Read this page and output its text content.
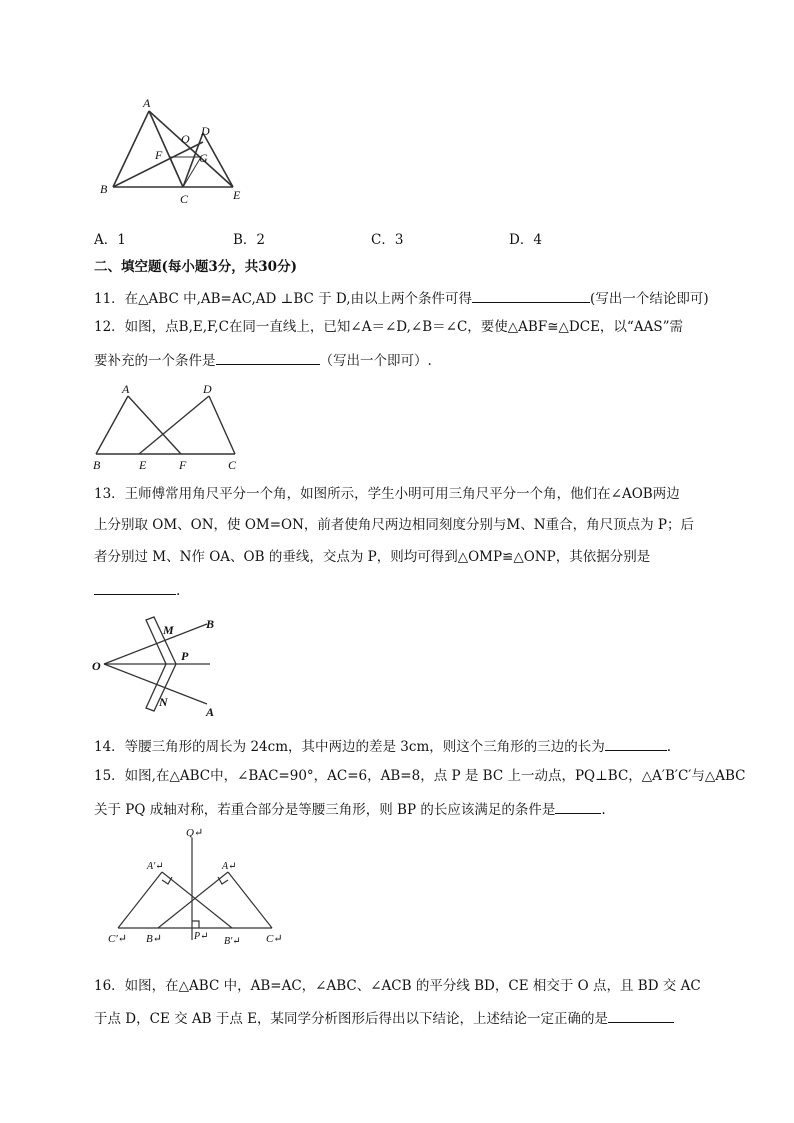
A
B
C
D
E
F	G
O
A．1	B．2	C．3	D．4
二、填空题(每小题3分，共30分)
11．在△ABC 中,AB=AC,AD ⊥BC 于 D,由以上两个条件可得	(写出一个结论即可)
12．如图，点B,E,F,C在同一直线上，已知∠A＝∠D,∠B＝∠C，要使△ABF≅△DCE，以“AAS”需
要补充的一个条件是	（写出一个即可）.
A	D
B	E	F	C
13．王师傅常用角尺平分一个角，如图所示，学生小明可用三角尺平分一个角，他们在∠AOB两边
上分别取 OM、ON，使 OM=ON，前者使角尺两边相同刻度分别与M、N重合，角尺顶点为 P；后
者分别过 M、N作 OA、OB 的垂线，交点为 P，则均可得到△OMP≌△ONP，其依据分别是
.
O
M	B
P
N
A
14．等腰三角形的周长为 24cm，其中两边的差是 3cm，则这个三角形的三边的长为	.
15．如图,在△ABC中，∠BAC=90°，AC=6，AB=8，点 P 是 BC 上一动点，PQ⊥BC，△A′B′C′与△ABC
关于 PQ 成轴对称，若重合部分是等腰三角形，则 BP 的长应该满足的条件是	.
Q↵
A′↵	A↵
C′↵ B↵	P↵ B′↵ C↵
16．如图，在△ABC 中，AB=AC，∠ABC、∠ACB 的平分线 BD，CE 相交于 O 点，且 BD 交 AC
于点 D，CE 交 AB 于点 E，某同学分析图形后得出以下结论，上述结论一定正确的是
